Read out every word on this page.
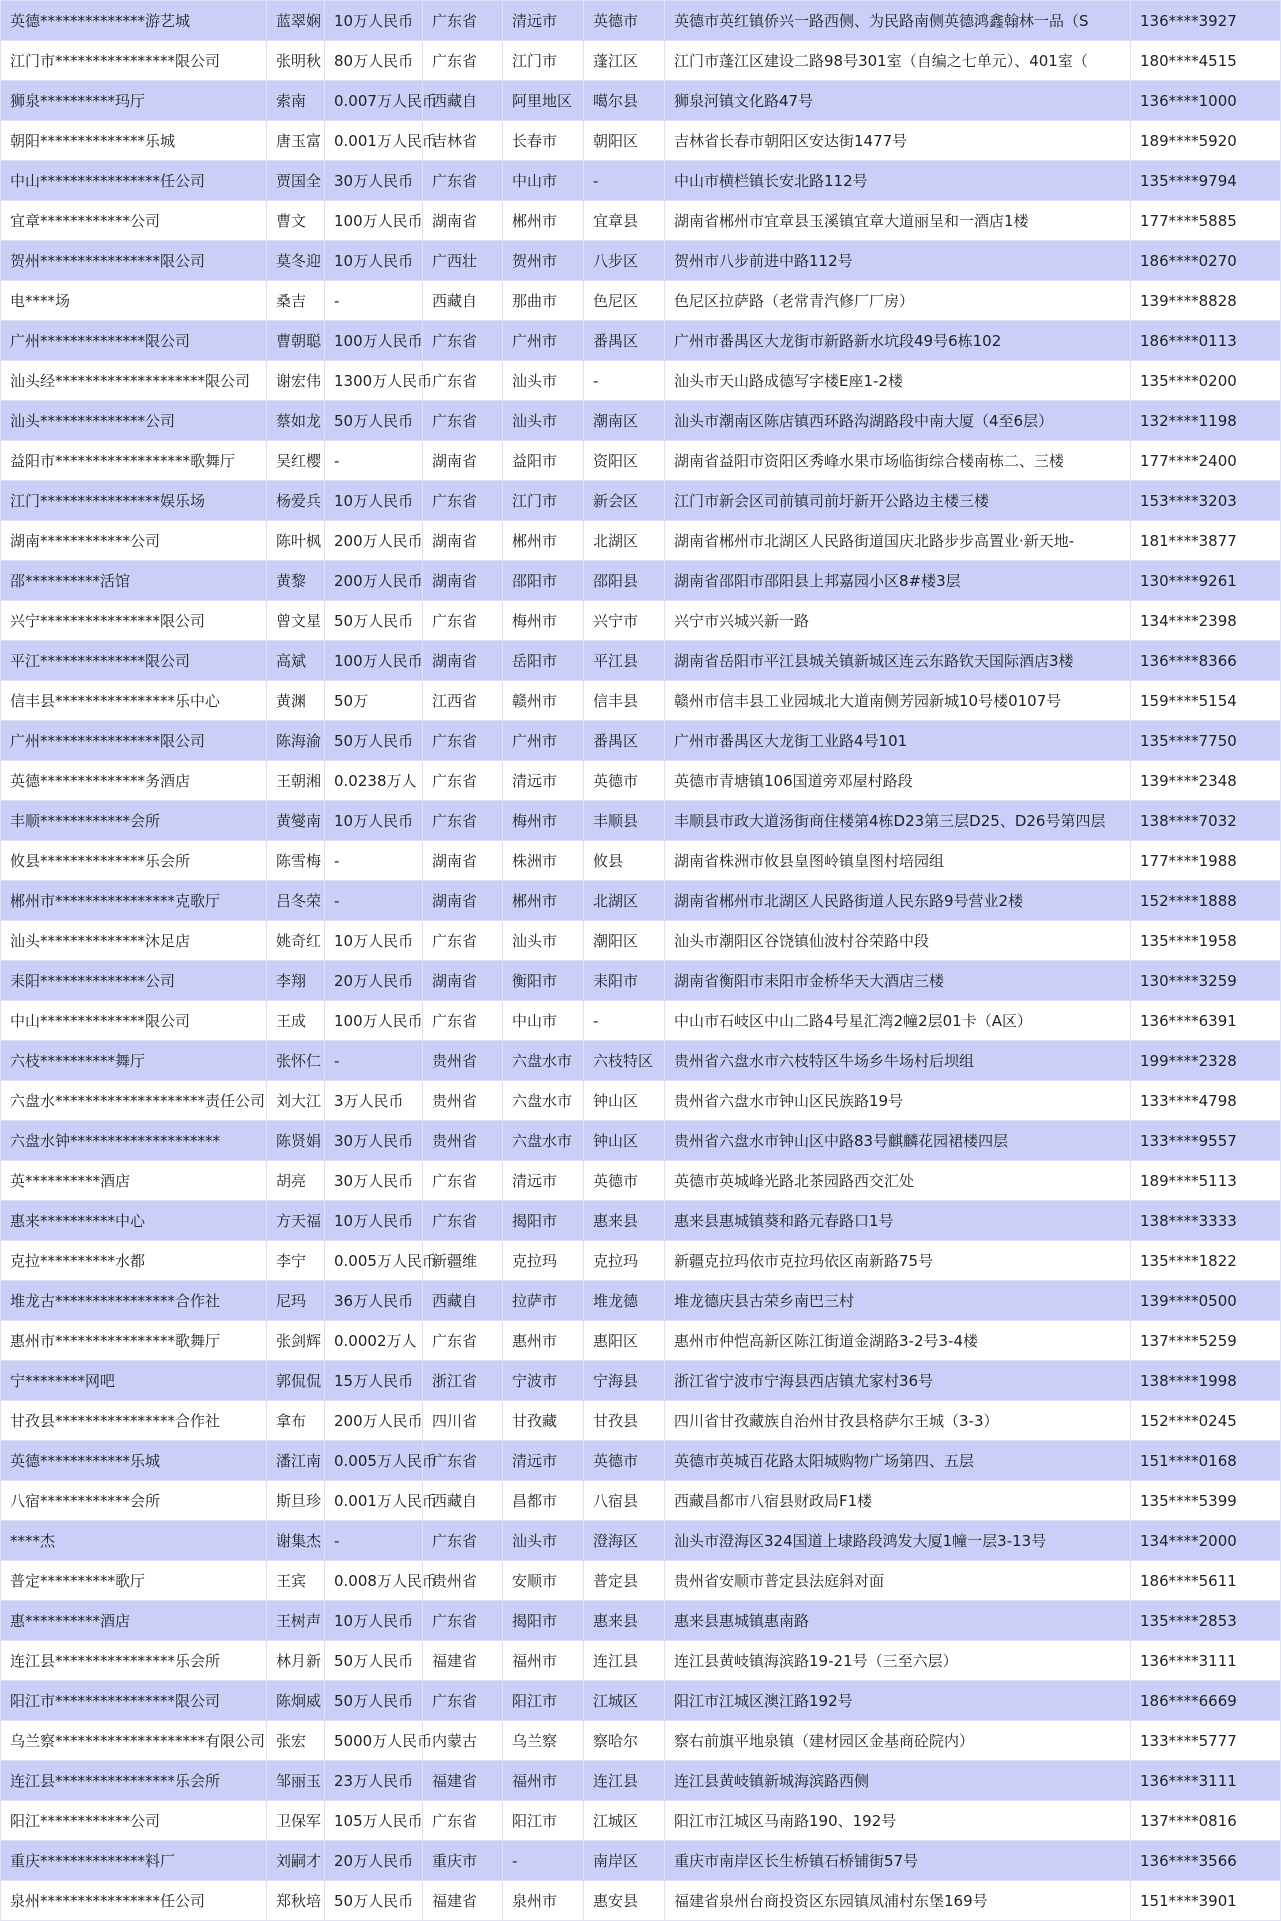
英德**************游艺城	蓝翠娴	10万人民币	广东省	清远市	英德市	英德市英红镇侨兴一路西侧、为民路南侧英德鸿鑫翰林一品（S	136****3927
江门市****************限公司	张明秋	80万人民币	广东省	江门市	蓬江区	江门市蓬江区建设二路98号301室（自编之七单元）、401室（	180****4515
狮泉**********玛厅	索南	0.007万人民币	西藏自	阿里地区	噶尔县	狮泉河镇文化路47号	136****1000
朝阳**************乐城	唐玉富	0.001万人民币	吉林省	长春市	朝阳区	吉林省长春市朝阳区安达街1477号	189****5920
中山****************任公司	贾国全	30万人民币	广东省	中山市	-	中山市横栏镇长安北路112号	135****9794
宜章************公司	曹文	100万人民币	湖南省	郴州市	宜章县	湖南省郴州市宜章县玉溪镇宜章大道丽呈和一酒店1楼	177****5885
贺州****************限公司	莫冬迎	10万人民币	广西壮	贺州市	八步区	贺州市八步前进中路112号	186****0270
电****场	桑吉	-	西藏自	那曲市	色尼区	色尼区拉萨路（老常青汽修厂厂房）	139****8828
广州**************限公司	曹朝聪	100万人民币	广东省	广州市	番禺区	广州市番禺区大龙街市新路新水坑段49号6栋102	186****0113
汕头经********************限公司	谢宏伟	1300万人民币	广东省	汕头市	-	汕头市天山路成德写字楼E座1-2楼	135****0200
汕头**************公司	蔡如龙	50万人民币	广东省	汕头市	潮南区	汕头市潮南区陈店镇西环路沟湖路段中南大厦（4至6层）	132****1198
益阳市******************歌舞厅	吴红樱	-	湖南省	益阳市	资阳区	湖南省益阳市资阳区秀峰水果市场临街综合楼南栋二、三楼	177****2400
江门****************娱乐场	杨爱兵	10万人民币	广东省	江门市	新会区	江门市新会区司前镇司前圩新开公路边主楼三楼	153****3203
湖南************公司	陈叶枫	200万人民币	湖南省	郴州市	北湖区	湖南省郴州市北湖区人民路街道国庆北路步步高置业·新天地-	181****3877
邵**********活馆	黄黎	200万人民币	湖南省	邵阳市	邵阳县	湖南省邵阳市邵阳县上邦嘉园小区8#楼3层	130****9261
兴宁****************限公司	曾文星	50万人民币	广东省	梅州市	兴宁市	兴宁市兴城兴新一路	134****2398
平江**************限公司	高斌	100万人民币	湖南省	岳阳市	平江县	湖南省岳阳市平江县城关镇新城区连云东路钦天国际酒店3楼	136****8366
信丰县****************乐中心	黄渊	50万	江西省	赣州市	信丰县	赣州市信丰县工业园城北大道南侧芳园新城10号楼0107号	159****5154
广州****************限公司	陈海渝	50万人民币	广东省	广州市	番禺区	广州市番禺区大龙街工业路4号101	135****7750
英德**************务酒店	王朝湘	0.0238万人	广东省	清远市	英德市	英德市青塘镇106国道旁邓屋村路段	139****2348
丰顺************会所	黄燮南	10万人民币	广东省	梅州市	丰顺县	丰顺县市政大道汤街商住楼第4栋D23第三层D25、D26号第四层	138****7032
攸县**************乐会所	陈雪梅	-	湖南省	株洲市	攸县	湖南省株洲市攸县皇图岭镇皇图村培园组	177****1988
郴州市****************克歌厅	吕冬荣	-	湖南省	郴州市	北湖区	湖南省郴州市北湖区人民路街道人民东路9号营业2楼	152****1888
汕头**************沐足店	姚奇红	10万人民币	广东省	汕头市	潮阳区	汕头市潮阳区谷饶镇仙波村谷荣路中段	135****1958
耒阳**************公司	李翔	20万人民币	湖南省	衡阳市	耒阳市	湖南省衡阳市耒阳市金桥华天大酒店三楼	130****3259
中山**************限公司	王成	100万人民币	广东省	中山市	-	中山市石岐区中山二路4号星汇湾2幢2层01卡（A区）	136****6391
六枝**********舞厅	张怀仁	-	贵州省	六盘水市	六枝特区	贵州省六盘水市六枝特区牛场乡牛场村后坝组	199****2328
六盘水********************责任公司	刘大江	3万人民币	贵州省	六盘水市	钟山区	贵州省六盘水市钟山区民族路19号	133****4798
六盘水钟********************	陈贤娟	30万人民币	贵州省	六盘水市	钟山区	贵州省六盘水市钟山区中路83号麒麟花园裙楼四层	133****9557
英**********酒店	胡亮	30万人民币	广东省	清远市	英德市	英德市英城峰光路北茶园路西交汇处	189****5113
惠来**********中心	方天福	10万人民币	广东省	揭阳市	惠来县	惠来县惠城镇葵和路元春路口1号	138****3333
克拉**********水都	李宁	0.005万人民币	新疆维	克拉玛	克拉玛	新疆克拉玛依市克拉玛依区南新路75号	135****1822
堆龙古****************合作社	尼玛	36万人民币	西藏自	拉萨市	堆龙德	堆龙德庆县古荣乡南巴三村	139****0500
惠州市****************歌舞厅	张剑辉	0.0002万人	广东省	惠州市	惠阳区	惠州市仲恺高新区陈江街道金湖路3-2号3-4楼	137****5259
宁********网吧	郭侃侃	15万人民币	浙江省	宁波市	宁海县	浙江省宁波市宁海县西店镇尤家村36号	138****1998
甘孜县****************合作社	拿布	200万人民币	四川省	甘孜藏	甘孜县	四川省甘孜藏族自治州甘孜县格萨尔王城（3-3）	152****0245
英德************乐城	潘江南	0.005万人民币	广东省	清远市	英德市	英德市英城百花路太阳城购物广场第四、五层	151****0168
八宿************会所	斯旦珍	0.001万人民币	西藏自	昌都市	八宿县	西藏昌都市八宿县财政局F1楼	135****5399
****杰	谢集杰	-	广东省	汕头市	澄海区	汕头市澄海区324国道上埭路段鸿发大厦1幢一层3-13号	134****2000
普定**********歌厅	王宾	0.008万人民币	贵州省	安顺市	普定县	贵州省安顺市普定县法庭斜对面	186****5611
惠**********酒店	王树声	10万人民币	广东省	揭阳市	惠来县	惠来县惠城镇惠南路	135****2853
连江县****************乐会所	林月新	50万人民币	福建省	福州市	连江县	连江县黄岐镇海滨路19-21号（三至六层）	136****3111
阳江市****************限公司	陈炯威	50万人民币	广东省	阳江市	江城区	阳江市江城区澳江路192号	186****6669
乌兰察********************有限公司	张宏	5000万人民币	内蒙古	乌兰察	察哈尔	察右前旗平地泉镇（建材园区金基商砼院内）	133****5777
连江县****************乐会所	邹丽玉	23万人民币	福建省	福州市	连江县	连江县黄岐镇新城海滨路西侧	136****3111
阳江************公司	卫保军	105万人民币	广东省	阳江市	江城区	阳江市江城区马南路190、192号	137****0816
重庆**************料厂	刘嗣才	20万人民币	重庆市	-	南岸区	重庆市南岸区长生桥镇石桥铺街57号	136****3566
泉州****************任公司	郑秋培	50万人民币	福建省	泉州市	惠安县	福建省泉州台商投资区东园镇凤浦村东堡169号	151****3901
